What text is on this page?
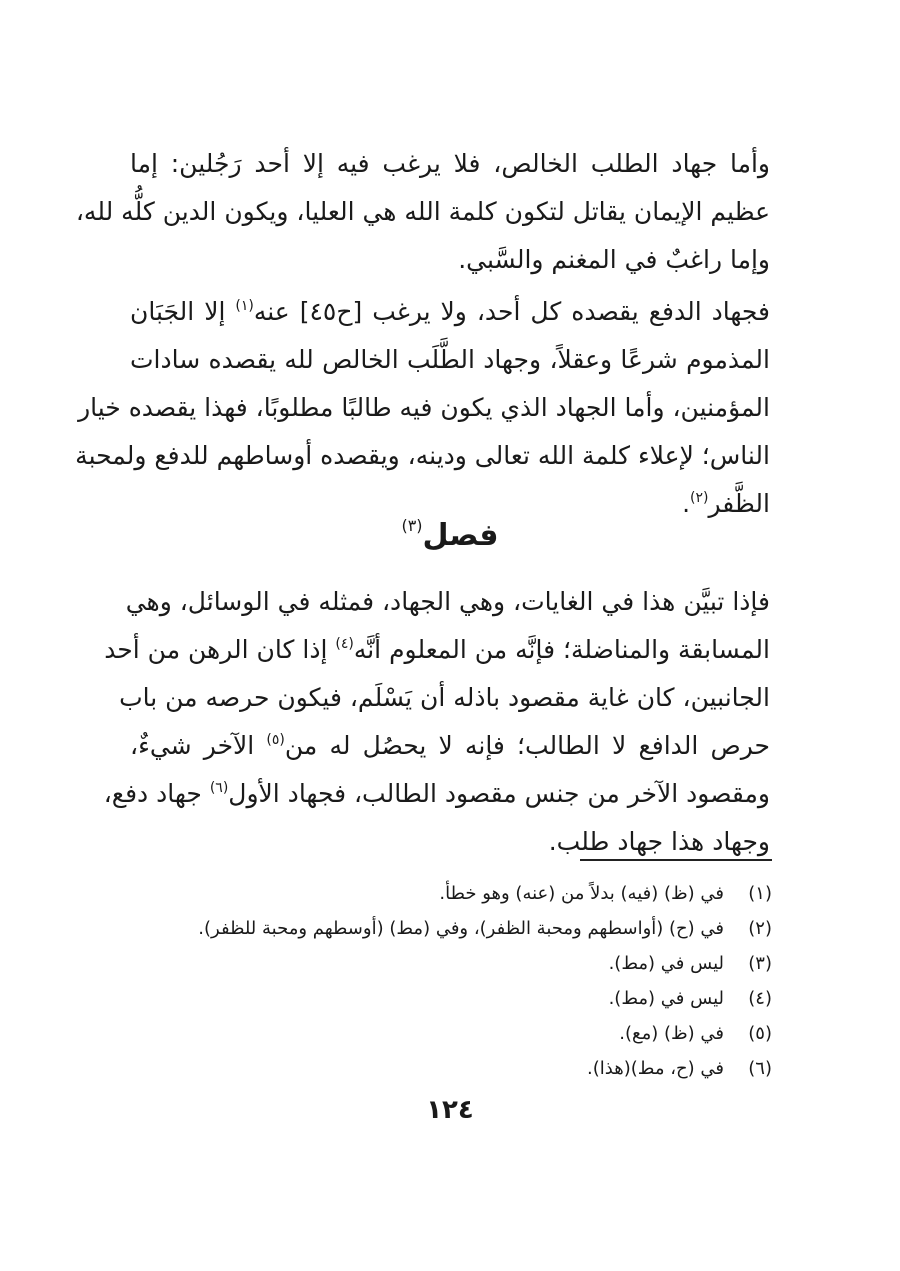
وأما جهاد الطلب الخالص، فلا يرغب فيه إلا أحد رَجُلين: إما
عظيم الإيمان يقاتل لتكون كلمة الله هي العليا، ويكون الدين كلُّه لله،
وإما راغبٌ في المغنم والسَّبي.
فجهاد الدفع يقصده كل أحد، ولا يرغب [ح٤٥] عنه$^{(١)}$ إلا الجَبَان
المذموم شرعًا وعقلاً، وجهاد الطَّلَب الخالص لله يقصده سادات
المؤمنين، وأما الجهاد الذي يكون فيه طالبًا مطلوبًا، فهذا يقصده خيار
الناس؛ لإعلاء كلمة الله تعالى ودينه، ويقصده أوساطهم للدفع ولمحبة
الظَّفر$^{(٢)}$.
فصل$^{(٣)}$
فإذا تبيَّن هذا في الغايات، وهي الجهاد، فمثله في الوسائل، وهي
المسابقة والمناضلة؛ فإنَّه من المعلوم أنَّه$^{(٤)}$ إذا كان الرهن من أحد
الجانبين، كان غاية مقصود باذله أن يَسْلَم، فيكون حرصه من باب
حرص الدافع لا الطالب؛ فإنه لا يحصُل له من$^{(٥)}$ الآخر شيءٌ،
ومقصود الآخر من جنس مقصود الطالب، فجهاد الأول$^{(٦)}$ جهاد دفع،
وجهاد هذا جهاد طلب.
(١)في (ظ) (فيه) بدلاً من (عنه) وهو خطأ.
(٢)في (ح) (أواسطهم ومحبة الظفر)، وفي (مط) (أوسطهم ومحبة للظفر).
(٣)ليس في (مط).
(٤)ليس في (مط).
(٥)في (ظ) (مع).
(٦)في (ح، مط)(هذا).
١٢٤
